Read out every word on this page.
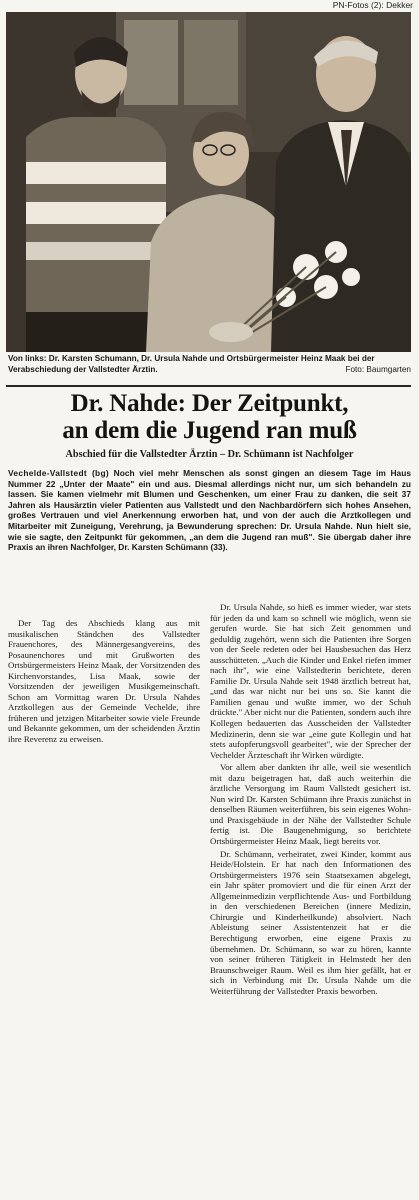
PN-Fotos (2): Dekker
Von links: Dr. Karsten Schumann, Dr. Ursula Nahde und Ortsbürgermeister Heinz Maak bei der Verabschiedung der Vallstedter Ärztin.	Foto: Baumgarten
Dr. Nahde: Der Zeitpunkt,
an dem die Jugend ran muß
Abschied für die Vallstedter Ärztin – Dr. Schümann ist Nachfolger
Vechelde-Vallstedt (bg) Noch viel mehr Menschen als sonst gingen an diesem Tage im Haus Nummer 22 „Unter der Maate" ein und aus. Diesmal allerdings nicht nur, um sich behandeln zu lassen. Sie kamen vielmehr mit Blumen und Geschenken, um einer Frau zu danken, die seit 37 Jahren als Hausärztin vieler Patienten aus Vallstedt und den Nachbardörfern sich hohes Ansehen, großes Vertrauen und viel Anerkennung erworben hat, und von der auch die Arztkollegen und Mitarbeiter mit Zuneigung, Verehrung, ja Bewunderung sprechen: Dr. Ursula Nahde. Nun hielt sie, wie sie sagte, den Zeitpunkt für gekommen, „an dem die Jugend ran muß". Sie übergab daher ihre Praxis an ihren Nachfolger, Dr. Karsten Schümann (33).

Der Tag des Abschieds klang aus mit musikalischen Ständchen des Vallstedter Frauenchores, des Männergesangvereins, des Posaunenchores und mit Grußworten des Ortsbürgermeisters Heinz Maak, der Vorsitzenden des Kirchenvorstandes, Lisa Maak, sowie der Vorsitzenden der jeweiligen Musikgemeinschaft. Schon am Vormittag waren Dr. Ursula Nahdes Arztkollegen aus der Gemeinde Vechelde, ihre früheren und jetzigen Mitarbeiter sowie viele Freunde und Bekannte gekommen, um der scheidenden Ärztin ihre Reverenz zu erweisen.

Dr. Ursula Nahde, so hieß es immer wieder, war stets für jeden da und kam so schnell wie möglich, wenn sie gerufen wurde. Sie hat sich Zeit genommen und geduldig zugehört, wenn sich die Patienten ihre Sorgen von der Seele redeten oder bei Hausbesuchen das Herz ausschütteten. „Auch die Kinder und Enkel riefen immer nach ihr", wie eine Vallstedterin berichtete, deren Familie Dr. Ursula Nahde seit 1948 ärztlich betreut hat, „und das war nicht nur bei uns so. Sie kannt die Familien genau und wußte immer, wo der Schuh drückte." Aber nicht nur die Patienten, sondern auch ihre Kollegen bedauerten das Ausscheiden der Vallstedter Medizinerin, denn sie war „eine gute Kollegin und hat stets aufopferungsvoll gearbeitet", wie der Sprecher der Vechelder Ärzteschaft ihr Wirken würdigte.

Vor allem aber dankten ihr alle, weil sie wesentlich mit dazu beigetragen hat, daß auch weiterhin die ärztliche Versorgung im Raum Vallstedt gesichert ist. Nun wird Dr. Karsten Schümann ihre Praxis zunächst in denselben Räumen weiterführen, bis sein eigenes Wohn- und Praxisgebäude in der Nähe der Vallstedter Schule fertig ist. Die Baugenehmigung, so berichtete Ortsbürgermeister Heinz Maak, liegt bereits vor.

Dr. Schümann, verheiratet, zwei Kinder, kommt aus Heide/Holstein. Er hat nach den Informationen des Ortsbürgermeisters 1976 sein Staatsexamen abgelegt, ein Jahr später promoviert und die für einen Arzt der Allgemeinmedizin verpflichtende Aus- und Fortbildung in den verschiedenen Bereichen (innere Medizin, Chirurgie und Kinderheilkunde) absolviert. Nach Ableistung seiner Assistentenzeit hat er die Berechtigung erworben, eine eigene Praxis zu übernehmen. Dr. Schümann, so war zu hören, kannte von seiner früheren Tätigkeit in Helmstedt her den Braunschweiger Raum. Weil es ihm hier gefällt, hat er sich in Verbindung mit Dr. Ursula Nahde um die Weiterführung der Vallstedter Praxis beworben.
